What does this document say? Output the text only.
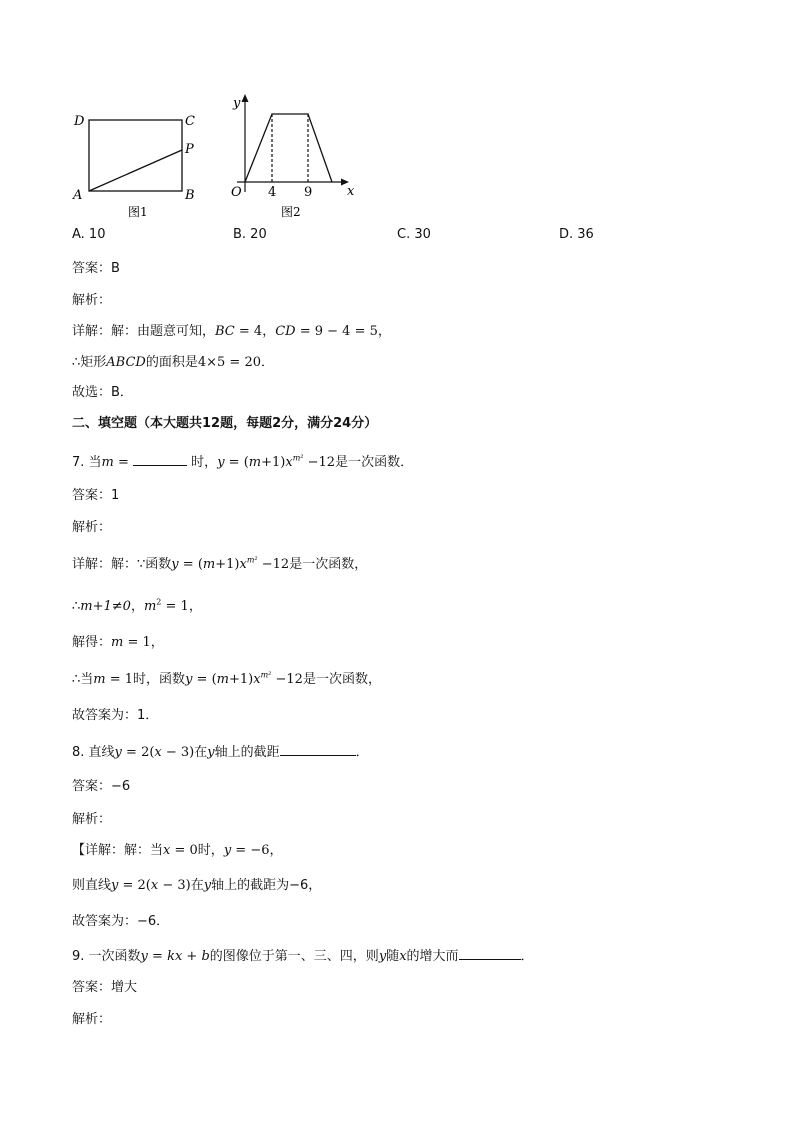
D	C
P
A	B
图1
y
x
O 4 9
图2
A. 10	B. 20	C. 30	D. 36
答案：B
解析：
详解：解：由题意可知，BC = 4，CD = 9 − 4 = 5，
∴矩形ABCD的面积是4×5 = 20．
故选：B．
二、填空题（本大题共12题，每题2分，满分24分）
7. 当m =	时，$y = (m+1)x^{m^2} -12$是一次函数．
答案：1
解析：
详解：解：∵函数$y = (m+1)x^{m^2} -12$是一次函数，
∴m+1≠0，$m^2 = 1$，
解得：m = 1，
∴当m = 1时，函数$y = (m+1)x^{m^2} -12$是一次函数，
故答案为：1．
8. 直线y = 2(x − 3)在y轴上的截距	．
答案：−6
解析：
【详解：解：当x = 0时，y = −6，
则直线y = 2(x − 3)在y轴上的截距为−6，
故答案为：−6．
9. 一次函数y = kx + b的图像位于第一、三、四，则y随x的增大而	．
答案：增大
解析：
